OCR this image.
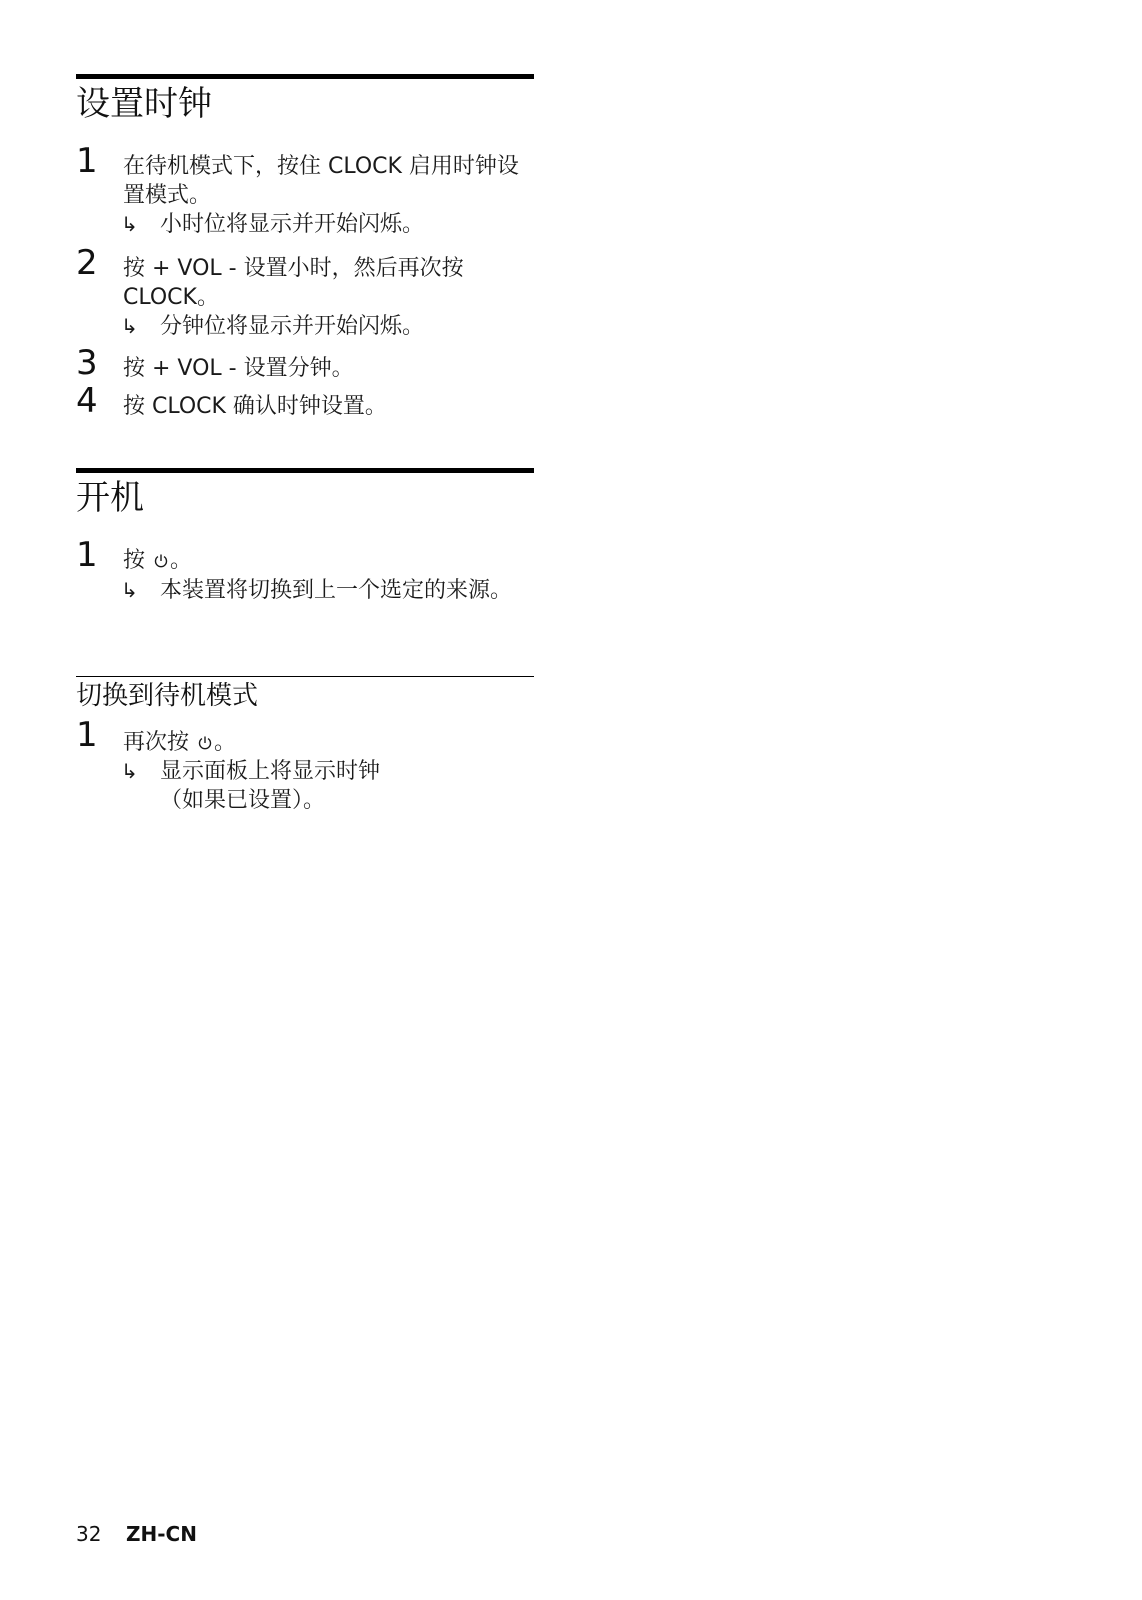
设置时钟
1 在待机模式下，按住 CLOCK 启用时钟设置模式。
↳ 小时位将显示并开始闪烁。
2 按 + VOL - 设置小时，然后再次按 CLOCK。
↳ 分钟位将显示并开始闪烁。
3 按 + VOL - 设置分钟。
4 按 CLOCK 确认时钟设置。
开机
1 按 。
↳ 本装置将切换到上一个选定的来源。
切换到待机模式
1 再次按 。
↳ 显示面板上将显示时钟（如果已设置）。
32 ZH-CN
